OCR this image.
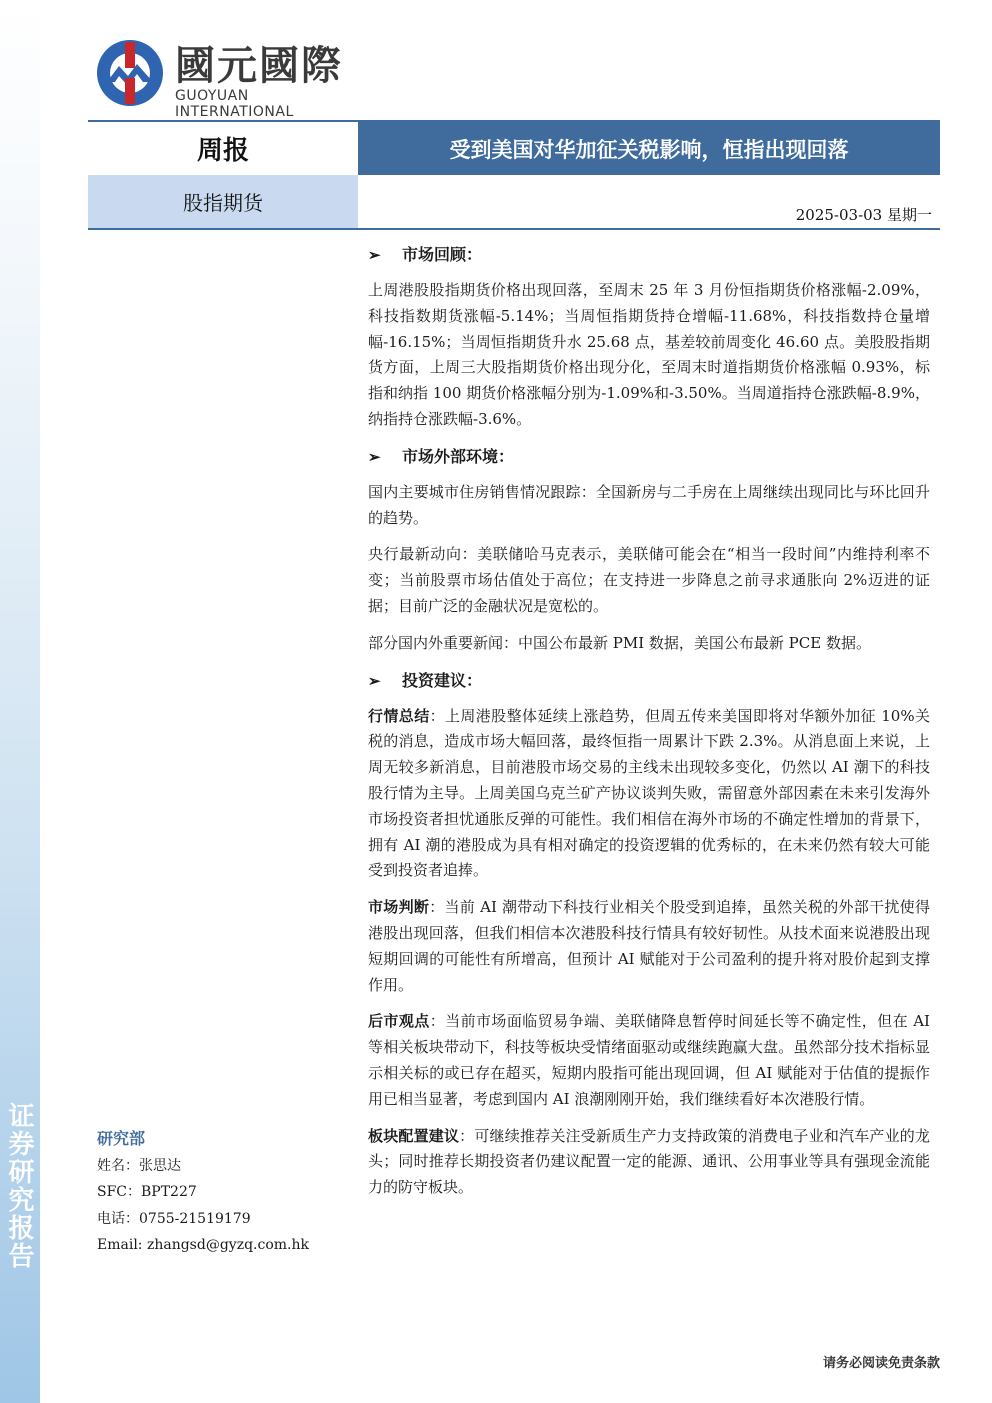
证券研究报告
國元國際
GUOYUAN INTERNATIONAL
周报	受到美国对华加征关税影响，恒指出现回落
股指期货	2025-03-03 星期一
➢	市场回顾：

上周港股股指期货价格出现回落，至周末 25 年 3 月份恒指期货价格涨幅-2.09%，科技指数期货涨幅-5.14%；当周恒指期货持仓增幅-11.68%，科技指数持仓量增幅-16.15%；当周恒指期货升水 25.68 点，基差较前周变化 46.60 点。美股股指期货方面，上周三大股指期货价格出现分化，至周末时道指期货价格涨幅 0.93%，标指和纳指 100 期货价格涨幅分别为-1.09%和-3.50%。当周道指持仓涨跌幅-8.9%，纳指持仓涨跌幅-3.6%。

➢	市场外部环境：

国内主要城市住房销售情况跟踪：全国新房与二手房在上周继续出现同比与环比回升的趋势。

央行最新动向：美联储哈马克表示，美联储可能会在“相当一段时间”内维持利率不变；当前股票市场估值处于高位；在支持进一步降息之前寻求通胀向 2%迈进的证据；目前广泛的金融状况是宽松的。

部分国内外重要新闻：中国公布最新 PMI 数据，美国公布最新 PCE 数据。

➢	投资建议：

行情总结：上周港股整体延续上涨趋势，但周五传来美国即将对华额外加征 10%关税的消息，造成市场大幅回落，最终恒指一周累计下跌 2.3%。从消息面上来说，上周无较多新消息，目前港股市场交易的主线未出现较多变化，仍然以 AI 潮下的科技股行情为主导。上周美国乌克兰矿产协议谈判失败，需留意外部因素在未来引发海外市场投资者担忧通胀反弹的可能性。我们相信在海外市场的不确定性增加的背景下，拥有 AI 潮的港股成为具有相对确定的投资逻辑的优秀标的，在未来仍然有较大可能受到投资者追捧。

市场判断：当前 AI 潮带动下科技行业相关个股受到追捧，虽然关税的外部干扰使得港股出现回落，但我们相信本次港股科技行情具有较好韧性。从技术面来说港股出现短期回调的可能性有所增高，但预计 AI 赋能对于公司盈利的提升将对股价起到支撑作用。

后市观点：当前市场面临贸易争端、美联储降息暂停时间延长等不确定性，但在 AI 等相关板块带动下，科技等板块受情绪面驱动或继续跑赢大盘。虽然部分技术指标显示相关标的或已存在超买，短期内股指可能出现回调，但 AI 赋能对于估值的提振作用已相当显著，考虑到国内 AI 浪潮刚刚开始，我们继续看好本次港股行情。

板块配置建议：可继续推荐关注受新质生产力支持政策的消费电子业和汽车产业的龙头；同时推荐长期投资者仍建议配置一定的能源、通讯、公用事业等具有强现金流能力的防守板块。

研究部
姓名：张思达
SFC：BPT227
电话：0755-21519179
Email: zhangsd@gyzq.com.hk
请务必阅读免责条款
